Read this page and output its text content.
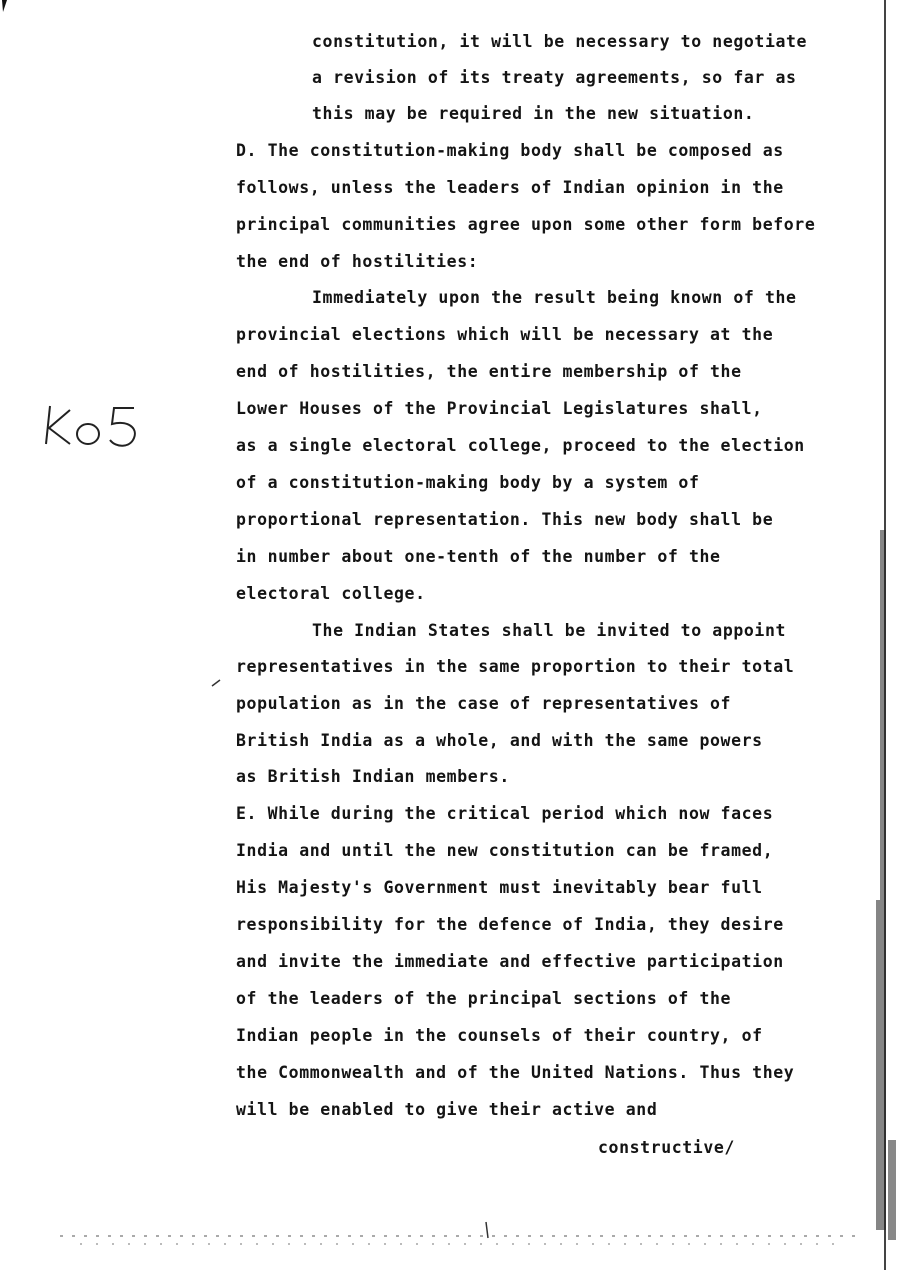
constitution, it will be necessary to negotiate
a revision of its treaty agreements, so far as
this may be required in the new situation.
D. The constitution-making body shall be composed as
follows, unless the leaders of Indian opinion in the
principal communities agree upon some other form before
the end of hostilities:
Immediately upon the result being known of the
provincial elections which will be necessary at the
end of hostilities, the entire membership of the
Lower Houses of the Provincial Legislatures shall,
as a single electoral college, proceed to the election
of a constitution-making body by a system of
proportional representation. This new body shall be
in number about one-tenth of the number of the
electoral college.
The Indian States shall be invited to appoint
representatives in the same proportion to their total
population as in the case of representatives of
British India as a whole, and with the same powers
as British Indian members.
E. While during the critical period which now faces
India and until the new constitution can be framed,
His Majesty's Government must inevitably bear full
responsibility for the defence of India, they desire
and invite the immediate and effective participation
of the leaders of the principal sections of the
Indian people in the counsels of their country, of
the Commonwealth and of the United Nations. Thus they
will be enabled to give their active and
constructive/
